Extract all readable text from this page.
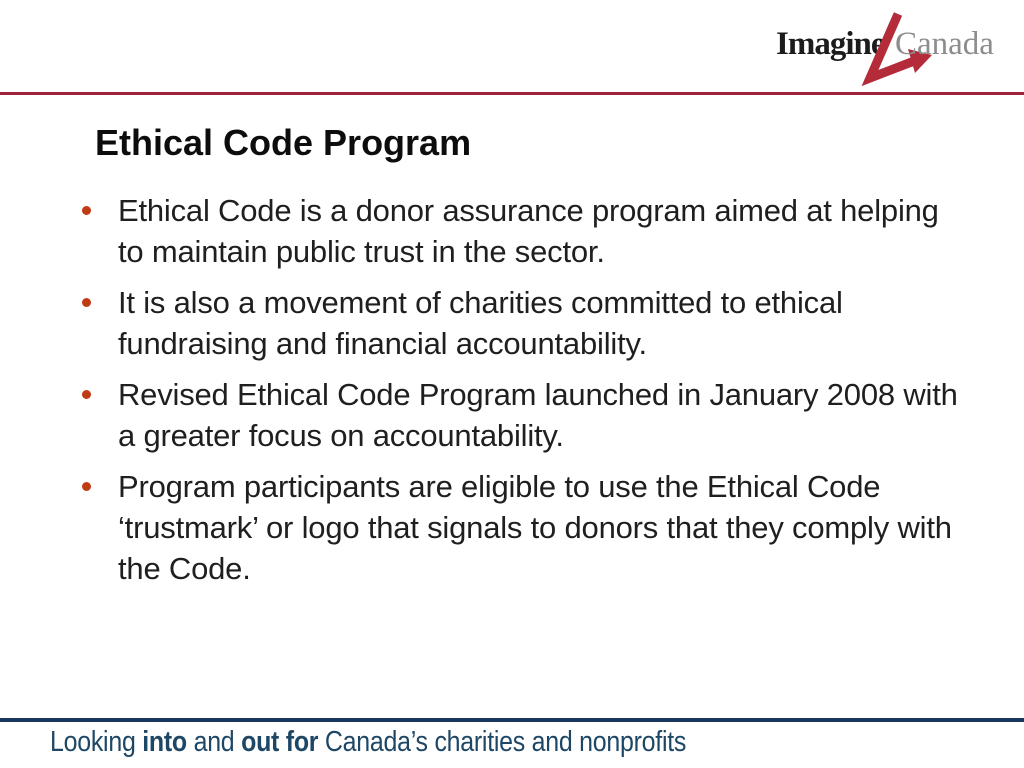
Imagine Canada
Ethical Code Program
Ethical Code is a donor assurance program aimed at helping to maintain public trust in the sector.
It is also a movement of charities committed to ethical fundraising and financial accountability.
Revised Ethical Code Program launched in January 2008 with a greater focus on accountability.
Program participants are eligible to use the Ethical Code ‘trustmark’ or logo that signals to donors that they comply with the Code.
Looking into and out for Canada’s charities and nonprofits
